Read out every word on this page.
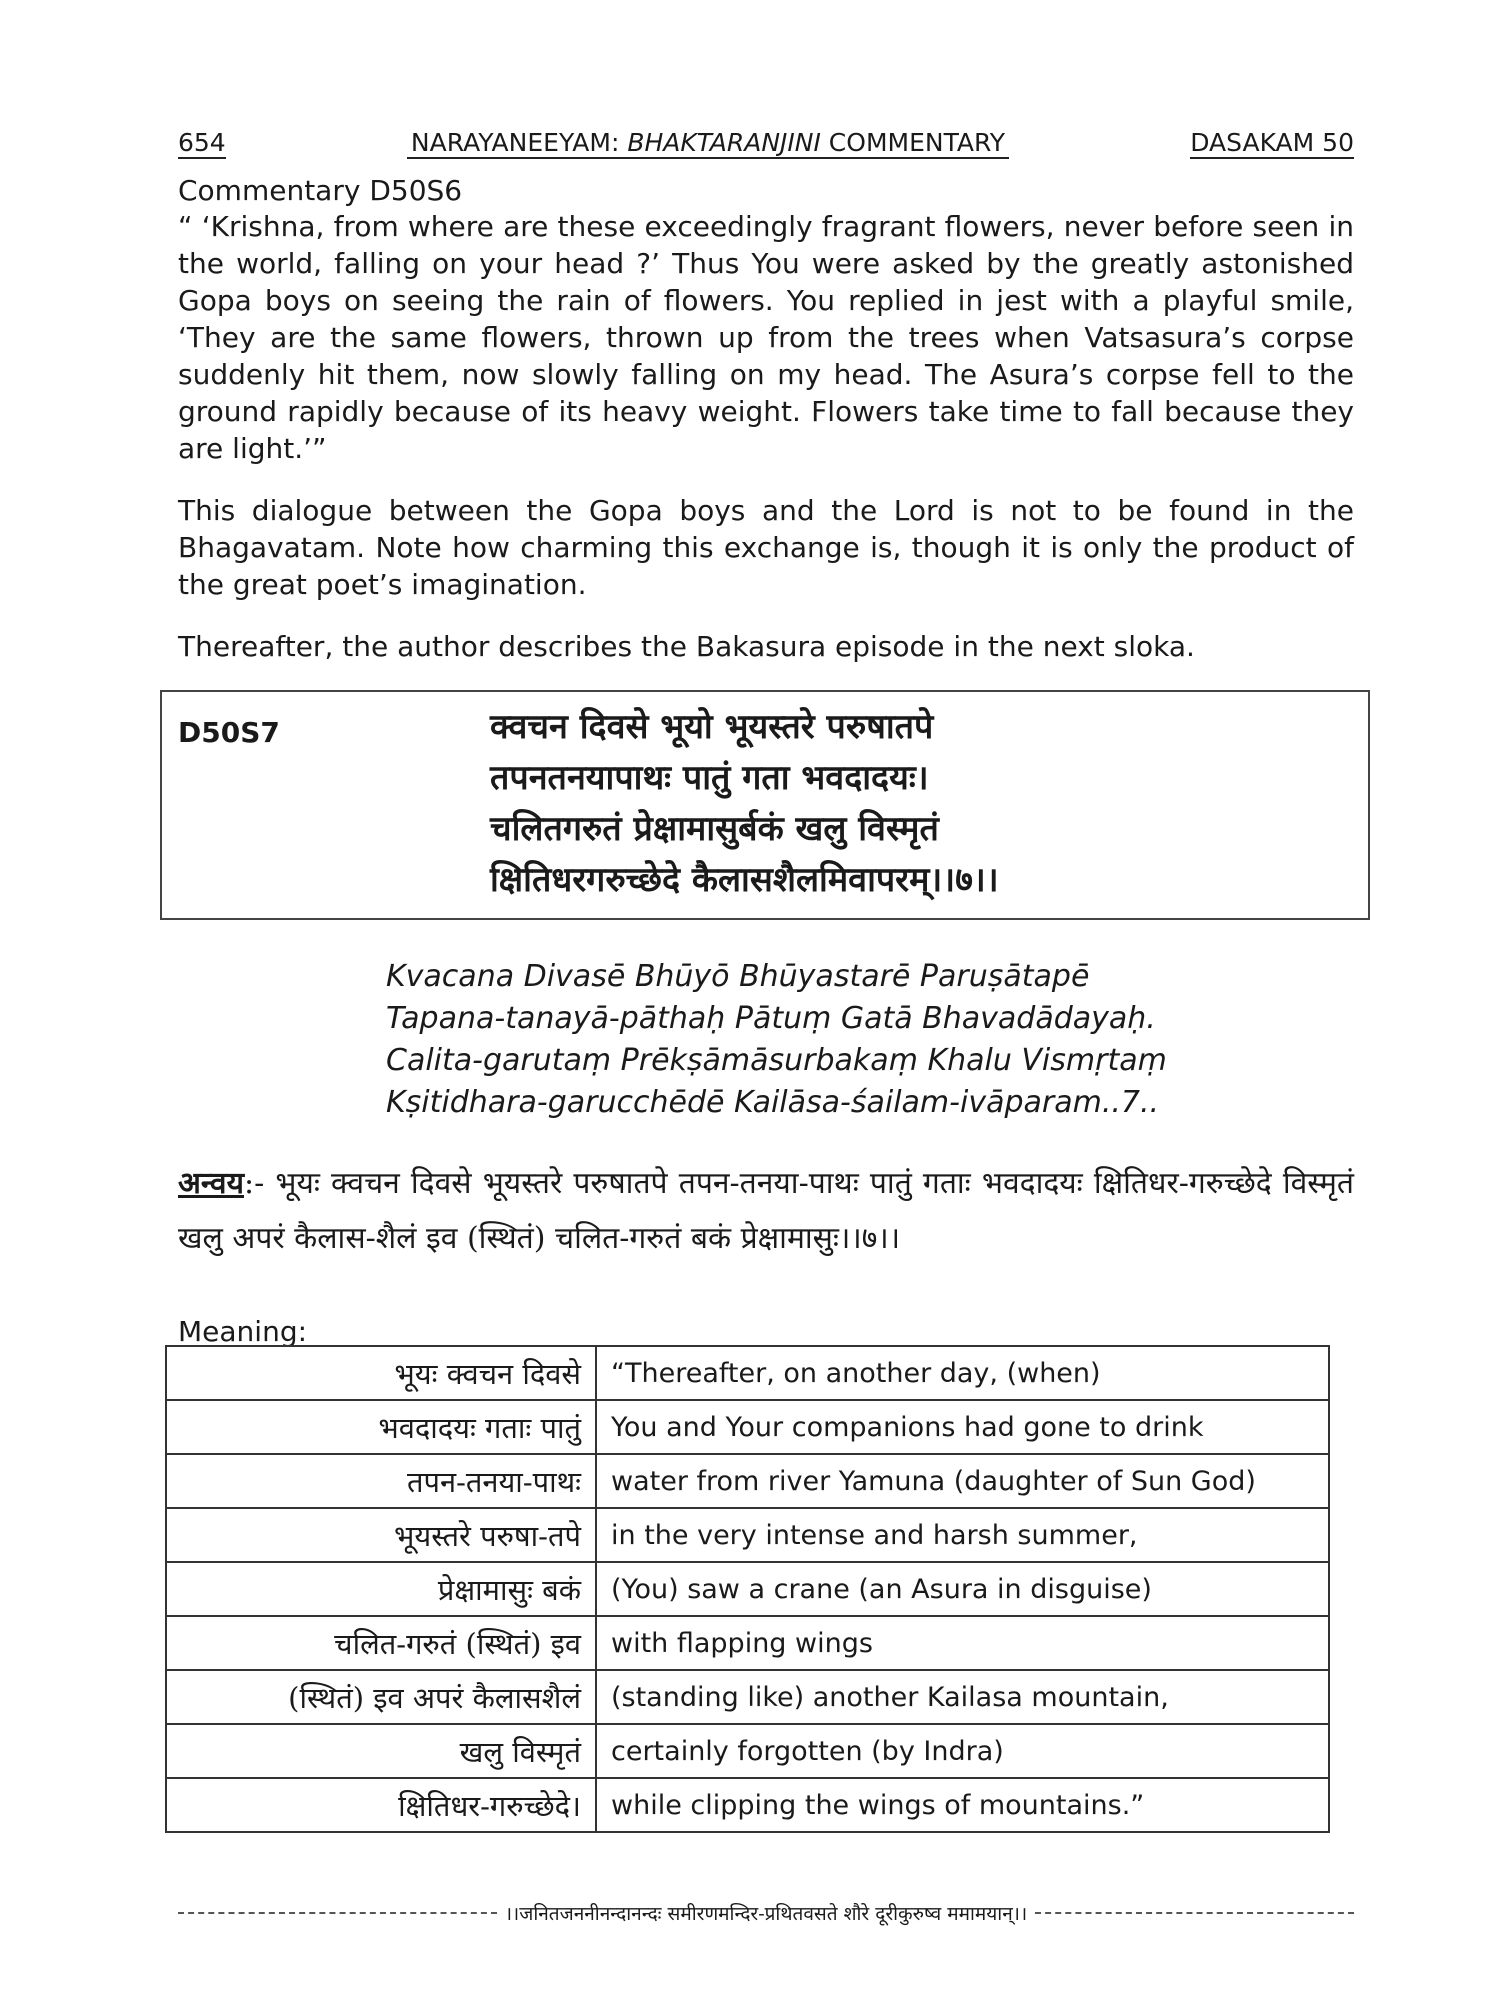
654	NARAYANEEYAM: BHAKTARANJINI COMMENTARY	DASAKAM 50
Commentary D50S6
“ ‘Krishna, from where are these exceedingly fragrant flowers, never before seen in the world, falling on your head ?’ Thus You were asked by the greatly astonished Gopa boys on seeing the rain of flowers. You replied in jest with a playful smile, ‘They are the same flowers, thrown up from the trees when Vatsasura’s corpse suddenly hit them, now slowly falling on my head. The Asura’s corpse fell to the ground rapidly because of its heavy weight. Flowers take time to fall because they are light.’”
This dialogue between the Gopa boys and the Lord is not to be found in the Bhagavatam. Note how charming this exchange is, though it is only the product of the great poet’s imagination.
Thereafter, the author describes the Bakasura episode in the next sloka.
D50S7	क्वचन दिवसे भूयो भूयस्तरे परुषातपे
तपनतनयापाथः पातुं गता भवदादयः।
चलितगरुतं प्रेक्षामासुर्बकं खलु विस्मृतं
क्षितिधरगरुच्छेदे कैलासशैलमिवापरम्।।७।।
Kvacana Divasē Bhūyō Bhūyastarē Paruṣātapē
Tapana-tanayā-pāthaḥ Pātuṃ Gatā Bhavadādayaḥ.
Calita-garutaṃ Prēkṣāmāsurbakaṃ Khalu Vismṛtaṃ
Kṣitidhara-garucchēdē Kailāsa-śailam-ivāparam..7..
अन्वय:- भूयः क्वचन दिवसे भूयस्तरे परुषातपे तपन-तनया-पाथः पातुं गताः भवदादयः क्षितिधर-गरुच्छेदे विस्मृतं खलु अपरं कैलास-शैलं इव (स्थितं) चलित-गरुतं बकं प्रेक्षामासुः।।७।।
Meaning:
भूयः क्वचन दिवसे	“Thereafter, on another day, (when)
भवदादयः गताः पातुं	You and Your companions had gone to drink
तपन-तनया-पाथः	water from river Yamuna (daughter of Sun God)
भूयस्तरे परुषा-तपे	in the very intense and harsh summer,
प्रेक्षामासुः बकं	(You) saw a crane (an Asura in disguise)
चलित-गरुतं (स्थितं) इव	with flapping wings
(स्थितं) इव अपरं कैलासशैलं	(standing like) another Kailasa mountain,
खलु विस्मृतं	certainly forgotten (by Indra)
क्षितिधर-गरुच्छेदे।	while clipping the wings of mountains.”
।।जनितजननीनन्दानन्दः समीरणमन्दिर-प्रथितवसते शौरे दूरीकुरुष्व ममामयान्।।
